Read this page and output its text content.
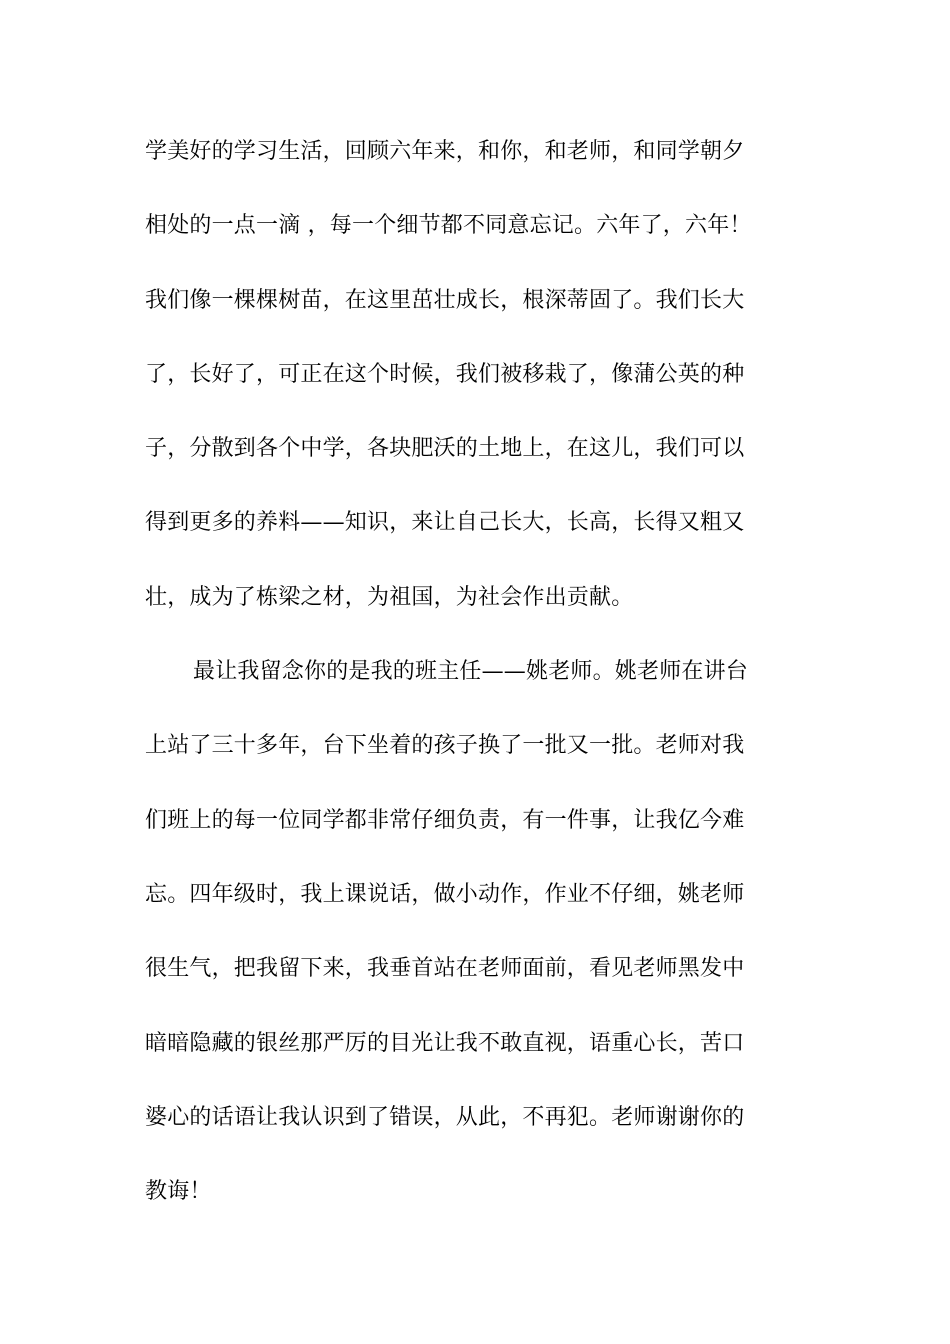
学美好的学习生活，回顾六年来，和你，和老师，和同学朝夕
相处的一点一滴 ，每一个细节都不同意忘记。六年了，六年！
我们像一棵棵树苗，在这里茁壮成长，根深蒂固了。我们长大
了，长好了，可正在这个时候，我们被移栽了，像蒲公英的种
子，分散到各个中学，各块肥沃的土地上，在这儿，我们可以
得到更多的养料——知识，来让自己长大，长高，长得又粗又
壮，成为了栋梁之材，为祖国，为社会作出贡献。
最让我留念你的是我的班主任——姚老师。姚老师在讲台
上站了三十多年，台下坐着的孩子换了一批又一批。老师对我
们班上的每一位同学都非常仔细负责，有一件事，让我亿今难
忘。四年级时，我上课说话，做小动作，作业不仔细，姚老师
很生气，把我留下来，我垂首站在老师面前，看见老师黑发中
暗暗隐藏的银丝那严厉的目光让我不敢直视，语重心长，苦口
婆心的话语让我认识到了错误，从此，不再犯。老师谢谢你的
教诲！
